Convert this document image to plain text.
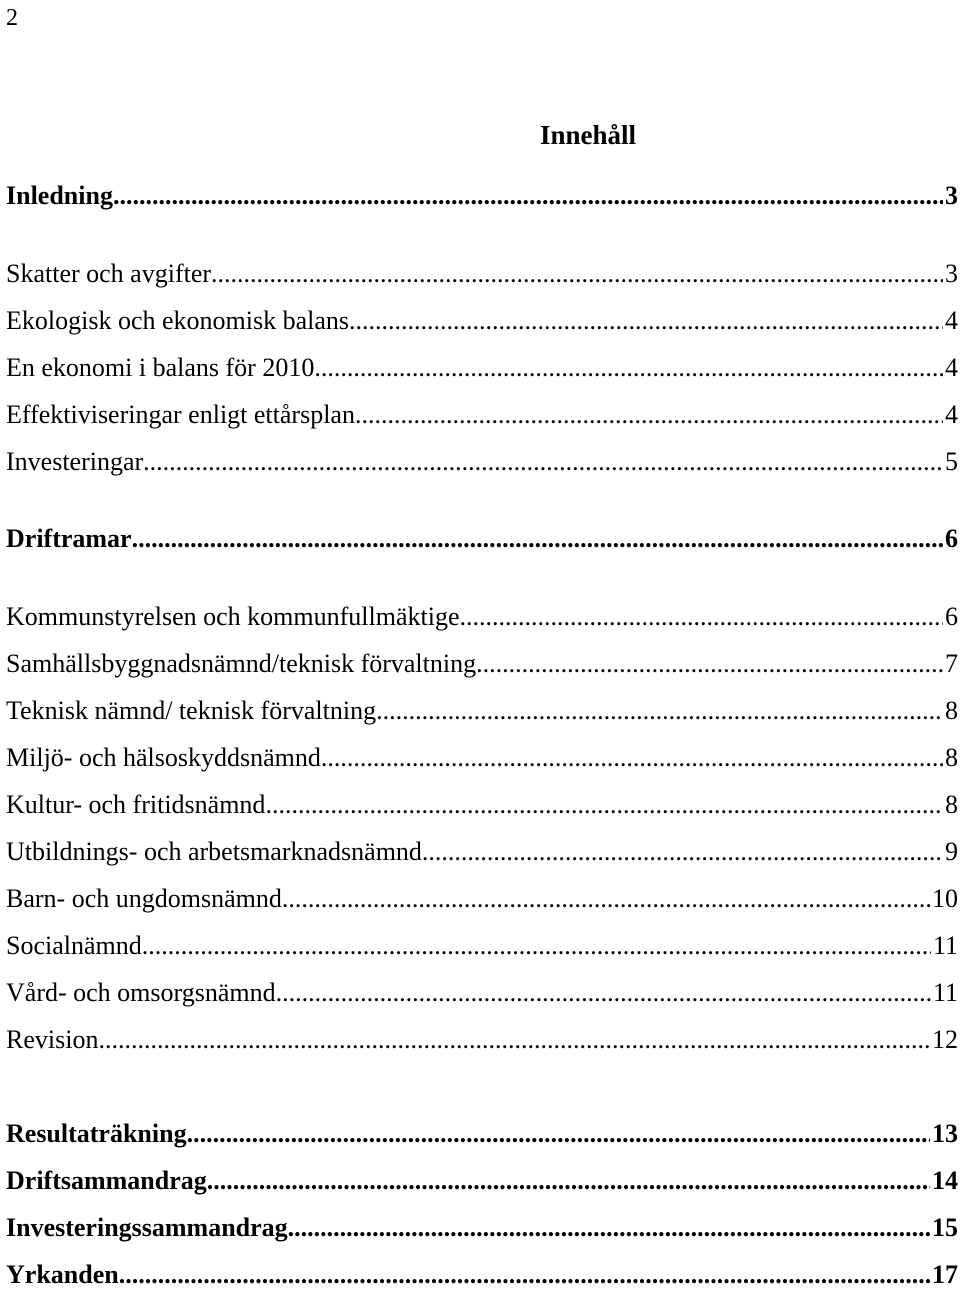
2
Innehåll
Inledning .....	3
Skatter och avgifter .....	3
Ekologisk och ekonomisk balans .....	4
En ekonomi i balans för 2010 .....	4
Effektiviseringar enligt ettårsplan .....	4
Investeringar .....	5
Driftramar .....	6
Kommunstyrelsen och kommunfullmäktige .....	6
Samhällsbyggnadsnämnd/teknisk förvaltning .....	7
Teknisk nämnd/ teknisk förvaltning .....	8
Miljö- och hälsoskyddsnämnd .....	8
Kultur- och fritidsnämnd .....	8
Utbildnings- och arbetsmarknadsnämnd .....	9
Barn- och ungdomsnämnd .....	10
Socialnämnd .....	11
Vård- och omsorgsnämnd .....	11
Revision .....	12
Resultaträkning .....	13
Driftsammandrag .....	14
Investeringssammandrag .....	15
Yrkanden .....	17
